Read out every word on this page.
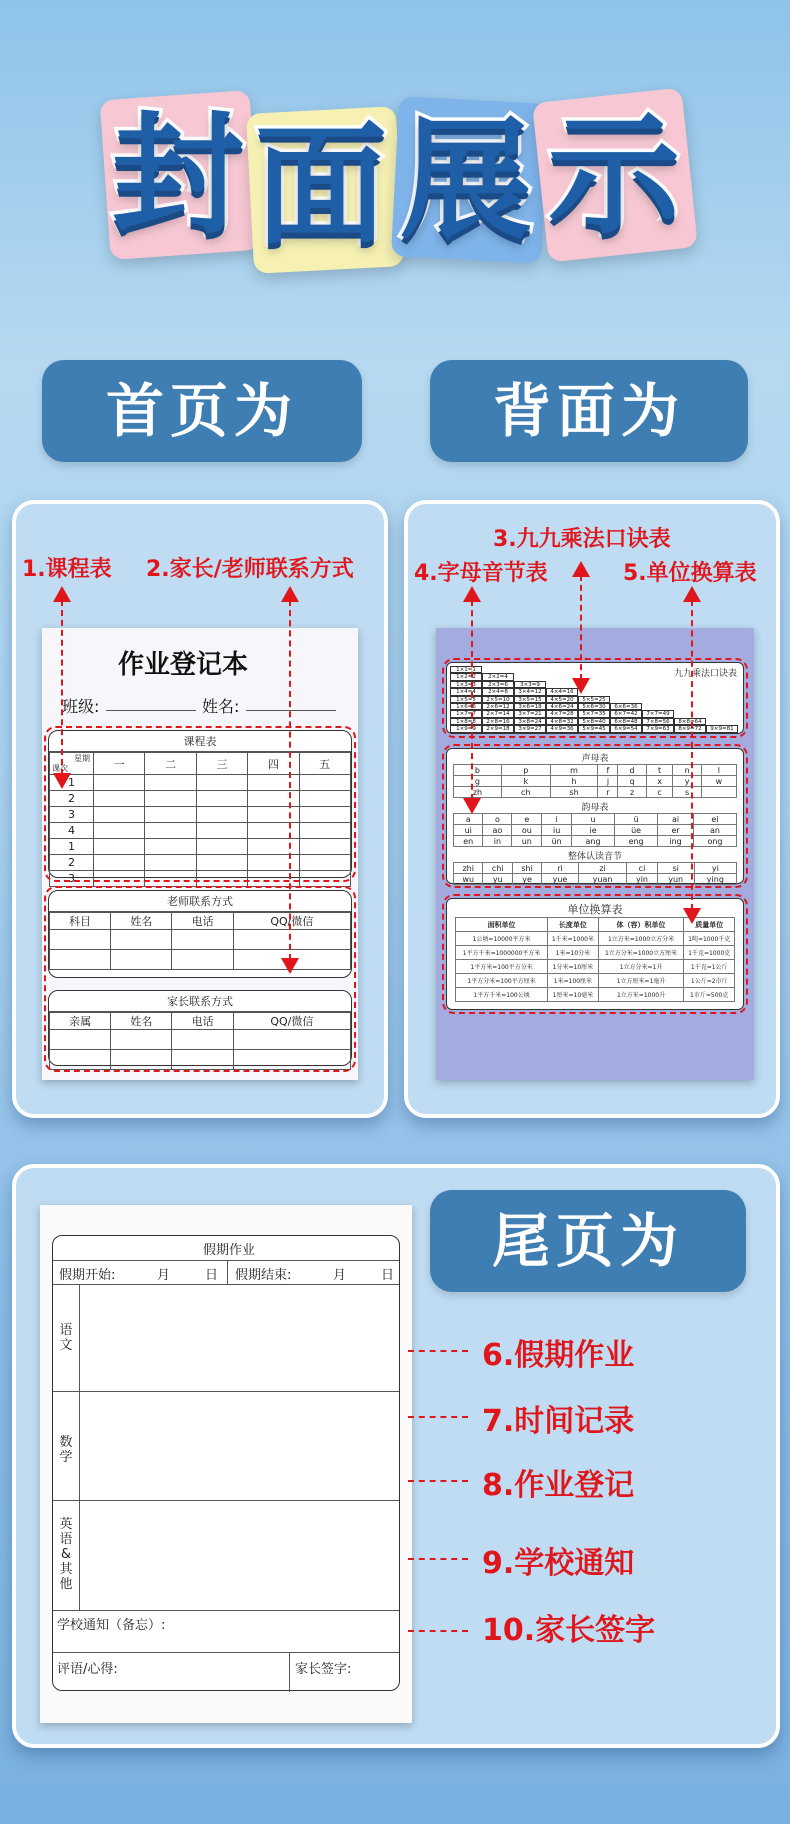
封 面 展 示
首页为	背面为
1.课程表 2.家长/老师联系方式
作业登记本
班级:	姓名:
课程表
星期
课次	一	二	三	四	五
1					
2					
3					
4					
1					
2					
3					
老师联系方式
科目	姓名	电话	QQ/微信

家长联系方式
亲属	姓名	电话	QQ/微信

3.九九乘法口诀表
4.字母音节表	5.单位换算表
九九乘法口诀表
1×1=1
1×2=2	2×2=4
1×3=3	2×3=6	3×3=9
1×4=4	2×4=8	3×4=12	4×4=16
1×5=5	2×5=10	3×5=15	4×5=20	5×5=25
1×6=6	2×6=12	3×6=18	4×6=24	5×6=30	6×6=36
1×7=7	2×7=14	3×7=21	4×7=28	5×7=35	6×7=42	7×7=49
1×8=8	2×8=16	3×8=24	4×8=32	5×8=40	6×8=48	7×8=56	8×8=64
1×9=9	2×9=18	3×9=27	4×9=36	5×9=45	6×9=54	7×9=63	8×9=72	9×9=81
声母表
b	p	m	f	d	t	n	l
g	k	h	j	q	x	y	w
zh	ch	sh	r	z	c	s	
韵母表
a	o	e	i	u	ü	ai	ei
ui	ao	ou	iu	ie	üe	er	an
en	in	un	ün	ang	eng	ing	ong
整体认读音节
zhi	chi	shi	ri	zi	ci	si	yi
wu	yu	ye	yue	yuan	yin	yun	ying
单位换算表
面积单位	长度单位	体（容）积单位	质量单位
1公顷=10000平方米	1千米=1000米	1立方米=1000立方分米	1吨=1000千克
1平方千米=1000000平方米	1米=10分米	1立方分米=1000立方厘米	1千克=1000克
1平方米=100平方分米	1分米=10厘米	1立方分米=1升	1千克=1公斤
1平方分米=100平方厘米	1米=100厘米	1立方厘米=1毫升	1公斤=2市斤
1平方千米=100公顷	1厘米=10毫米	1立方米=1000升	1市斤=500克
尾页为
假期作业
假期开始:	月	日 假期结束:	月	日
语
文
数
学
英
语
&
其
他
学校通知（备忘）:
评语/心得:	家长签字:
6.假期作业
7.时间记录
8.作业登记
9.学校通知
10.家长签字
